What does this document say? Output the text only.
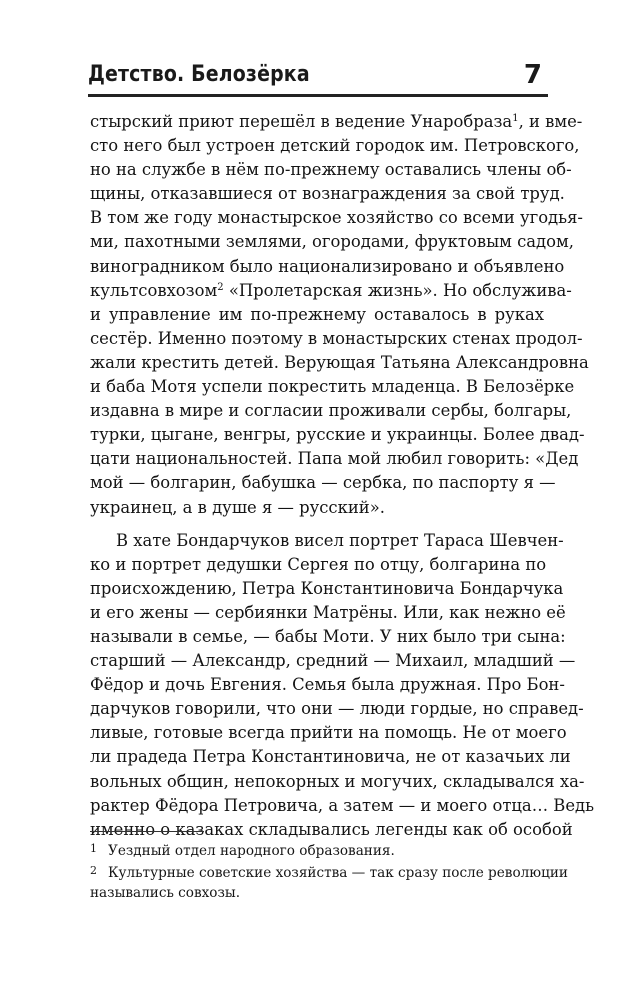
Детство. Белозёрка	7
стырский приют перешёл в ведение Унаробраза$^1$, и вме-
сто него был устроен детский городок им. Петровского,
но на службе в нём по-прежнему оставались члены об-
щины, отказавшиеся от вознаграждения за свой труд.
В том же году монастырское хозяйство со всеми угодья-
ми, пахотными землями, огородами, фруктовым садом,
виноградником было национализировано и объявлено
культсовхозом$^2$ «Пролетарская жизнь». Но обслужива-
и управление им по-прежнему оставалось в руках
сестёр. Именно поэтому в монастырских стенах продол-
жали крестить детей. Верующая Татьяна Александровна
и баба Мотя успели покрестить младенца. В Белозёрке
издавна в мире и согласии проживали сербы, болгары,
турки, цыгане, венгры, русские и украинцы. Более двад-
цати национальностей. Папа мой любил говорить: «Дед
мой — болгарин, бабушка — сербка, по паспорту я —
украинец, а в душе я — русский».
В хате Бондарчуков висел портрет Тараса Шевчен-
ко и портрет дедушки Сергея по отцу, болгарина по
происхождению, Петра Константиновича Бондарчука
и его жены — сербиянки Матрёны. Или, как нежно её
называли в семье, — бабы Моти. У них было три сына:
старший — Александр, средний — Михаил, младший —
Фёдор и дочь Евгения. Семья была дружная. Про Бон-
дарчуков говорили, что они — люди гордые, но справед-
ливые, готовые всегда прийти на помощь. Не от моего
ли прадеда Петра Константиновича, не от казачьих ли
вольных общин, непокорных и могучих, складывался ха-
рактер Фёдора Петровича, а затем — и моего отца… Ведь
именно о казаках складывались легенды как об особой
1 Уездный отдел народного образования.
2 Культурные советские хозяйства — так сразу после революции
назывались совхозы.
